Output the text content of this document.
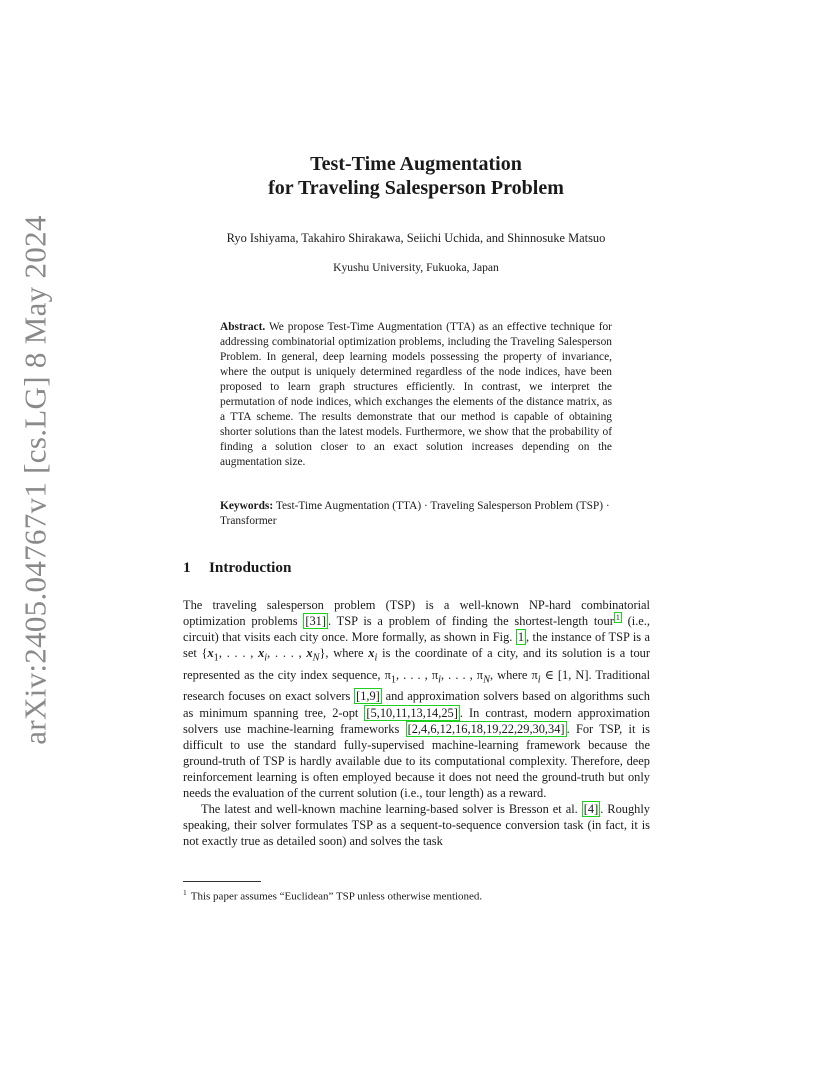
arXiv:2405.04767v1 [cs.LG] 8 May 2024
Test-Time Augmentation
for Traveling Salesperson Problem
Ryo Ishiyama, Takahiro Shirakawa, Seiichi Uchida, and Shinnosuke Matsuo
Kyushu University, Fukuoka, Japan
Abstract. We propose Test-Time Augmentation (TTA) as an effective technique for addressing combinatorial optimization problems, including the Traveling Salesperson Problem. In general, deep learning models possessing the property of invariance, where the output is uniquely determined regardless of the node indices, have been proposed to learn graph structures efficiently. In contrast, we interpret the permutation of node indices, which exchanges the elements of the distance matrix, as a TTA scheme. The results demonstrate that our method is capable of obtaining shorter solutions than the latest models. Furthermore, we show that the probability of finding a solution closer to an exact solution increases depending on the augmentation size.
Keywords: Test-Time Augmentation (TTA) · Traveling Salesperson Problem (TSP) · Transformer
1 Introduction

The traveling salesperson problem (TSP) is a well-known NP-hard combinatorial optimization problems [31] . TSP is a problem of finding the shortest-length tour $^1$ (i.e., circuit) that visits each city once. More formally, as shown in Fig. 1 , the instance of TSP is a set {$x_1$, . . . , $x_i$, . . . , $x_N$}, where $x_i$ is the coordinate of a city, and its solution is a tour represented as the city index sequence, $\pi_1$, . . . , $\pi_i$, . . . , $\pi_N$, where $\pi_i$ ∈ [1, N]. Traditional research focuses on exact solvers [1,9] and approximation solvers based on algorithms such as minimum spanning tree, 2-opt [5,10,11,13,14,25] . In contrast, modern approximation solvers use machine-learning frameworks [2,4,6,12,16,18,19,22,29,30,34] . For TSP, it is difficult to use the standard fully-supervised machine-learning framework because the ground-truth of TSP is hardly available due to its computational complexity. Therefore, deep reinforcement learning is often employed because it does not need the ground-truth but only needs the evaluation of the current solution (i.e., tour length) as a reward.

The latest and well-known machine learning-based solver is Bresson et al. [4] . Roughly speaking, their solver formulates TSP as a sequent-to-sequence conversion task (in fact, it is not exactly true as detailed soon) and solves the task

$^1$ This paper assumes “Euclidean” TSP unless otherwise mentioned.
